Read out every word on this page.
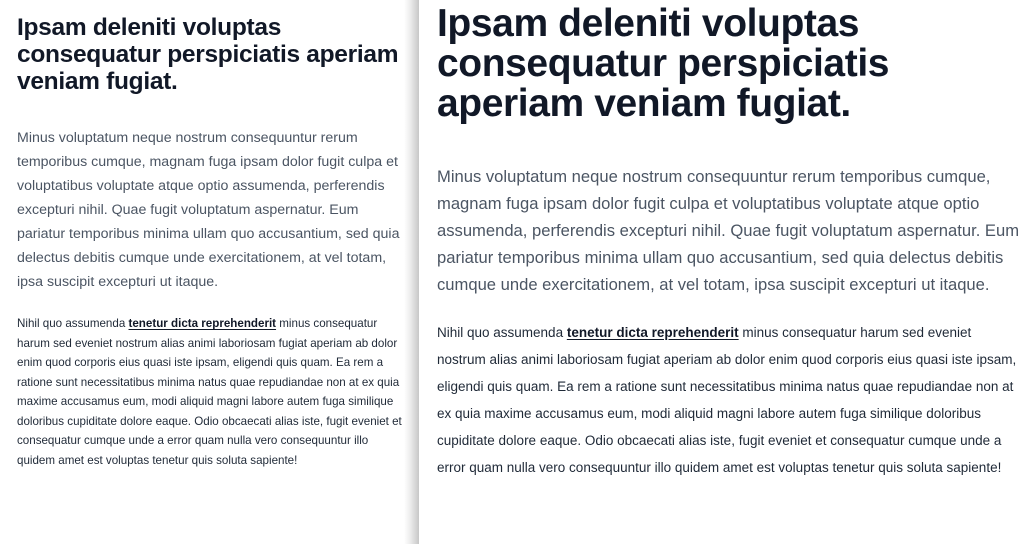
Ipsam deleniti voluptas consequatur perspiciatis aperiam veniam fugiat.

Minus voluptatum neque nostrum consequuntur rerum temporibus cumque, magnam fuga ipsam dolor fugit culpa et voluptatibus voluptate atque optio assumenda, perferendis excepturi nihil. Quae fugit voluptatum aspernatur. Eum pariatur temporibus minima ullam quo accusantium, sed quia delectus debitis cumque unde exercitationem, at vel totam, ipsa suscipit excepturi ut itaque.

Nihil quo assumenda tenetur dicta reprehenderit minus consequatur harum sed eveniet nostrum alias animi laboriosam fugiat aperiam ab dolor enim quod corporis eius quasi iste ipsam, eligendi quis quam. Ea rem a ratione sunt necessitatibus minima natus quae repudiandae non at ex quia maxime accusamus eum, modi aliquid magni labore autem fuga similique doloribus cupiditate dolore eaque. Odio obcaecati alias iste, fugit eveniet et consequatur cumque unde a error quam nulla vero consequuntur illo quidem amet est voluptas tenetur quis soluta sapiente!

Ipsam deleniti voluptas consequatur perspiciatis aperiam veniam fugiat.

Minus voluptatum neque nostrum consequuntur rerum temporibus cumque, magnam fuga ipsam dolor fugit culpa et voluptatibus voluptate atque optio assumenda, perferendis excepturi nihil. Quae fugit voluptatum aspernatur. Eum pariatur temporibus minima ullam quo accusantium, sed quia delectus debitis cumque unde exercitationem, at vel totam, ipsa suscipit excepturi ut itaque.

Nihil quo assumenda tenetur dicta reprehenderit minus consequatur harum sed eveniet nostrum alias animi laboriosam fugiat aperiam ab dolor enim quod corporis eius quasi iste ipsam, eligendi quis quam. Ea rem a ratione sunt necessitatibus minima natus quae repudiandae non at ex quia maxime accusamus eum, modi aliquid magni labore autem fuga similique doloribus cupiditate dolore eaque. Odio obcaecati alias iste, fugit eveniet et consequatur cumque unde a error quam nulla vero consequuntur illo quidem amet est voluptas tenetur quis soluta sapiente!
